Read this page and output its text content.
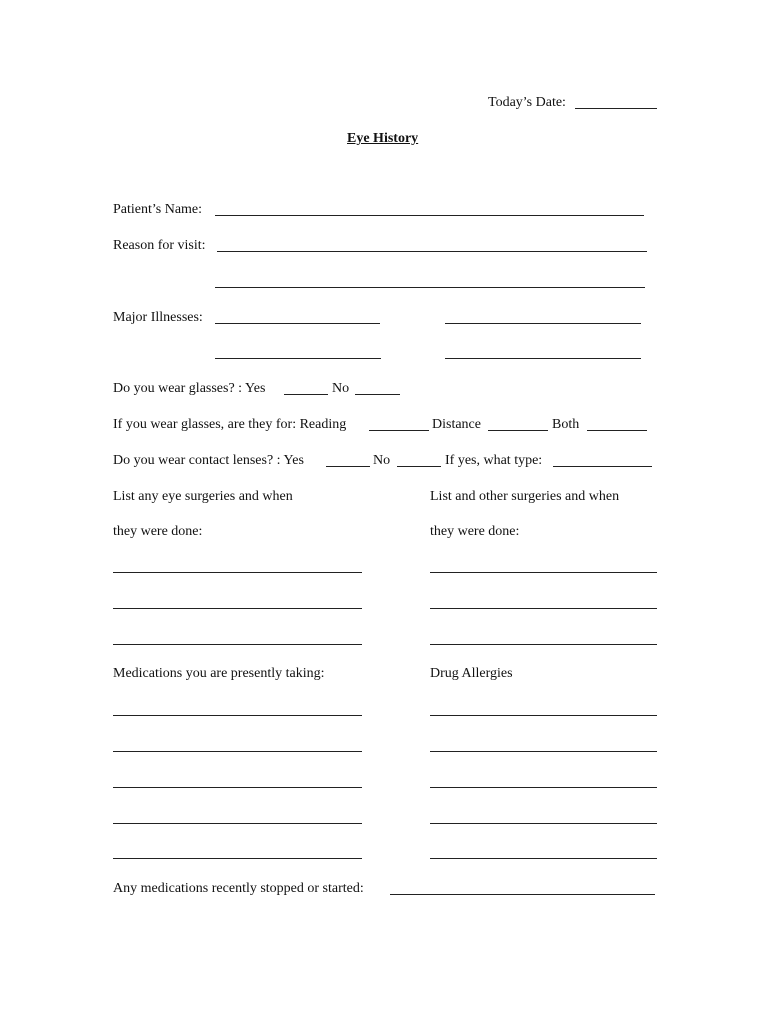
Today’s Date:
Eye History
Patient’s Name:
Reason for visit:
Major Illnesses:
Do you wear glasses? : Yes	No
If you wear glasses, are they for: Reading	Distance	Both
Do you wear contact lenses? : Yes	No	If yes, what type:
List any eye surgeries and when
they were done:
List and other surgeries and when
they were done:
Medications you are presently taking:	Drug Allergies
Any medications recently stopped or started:
